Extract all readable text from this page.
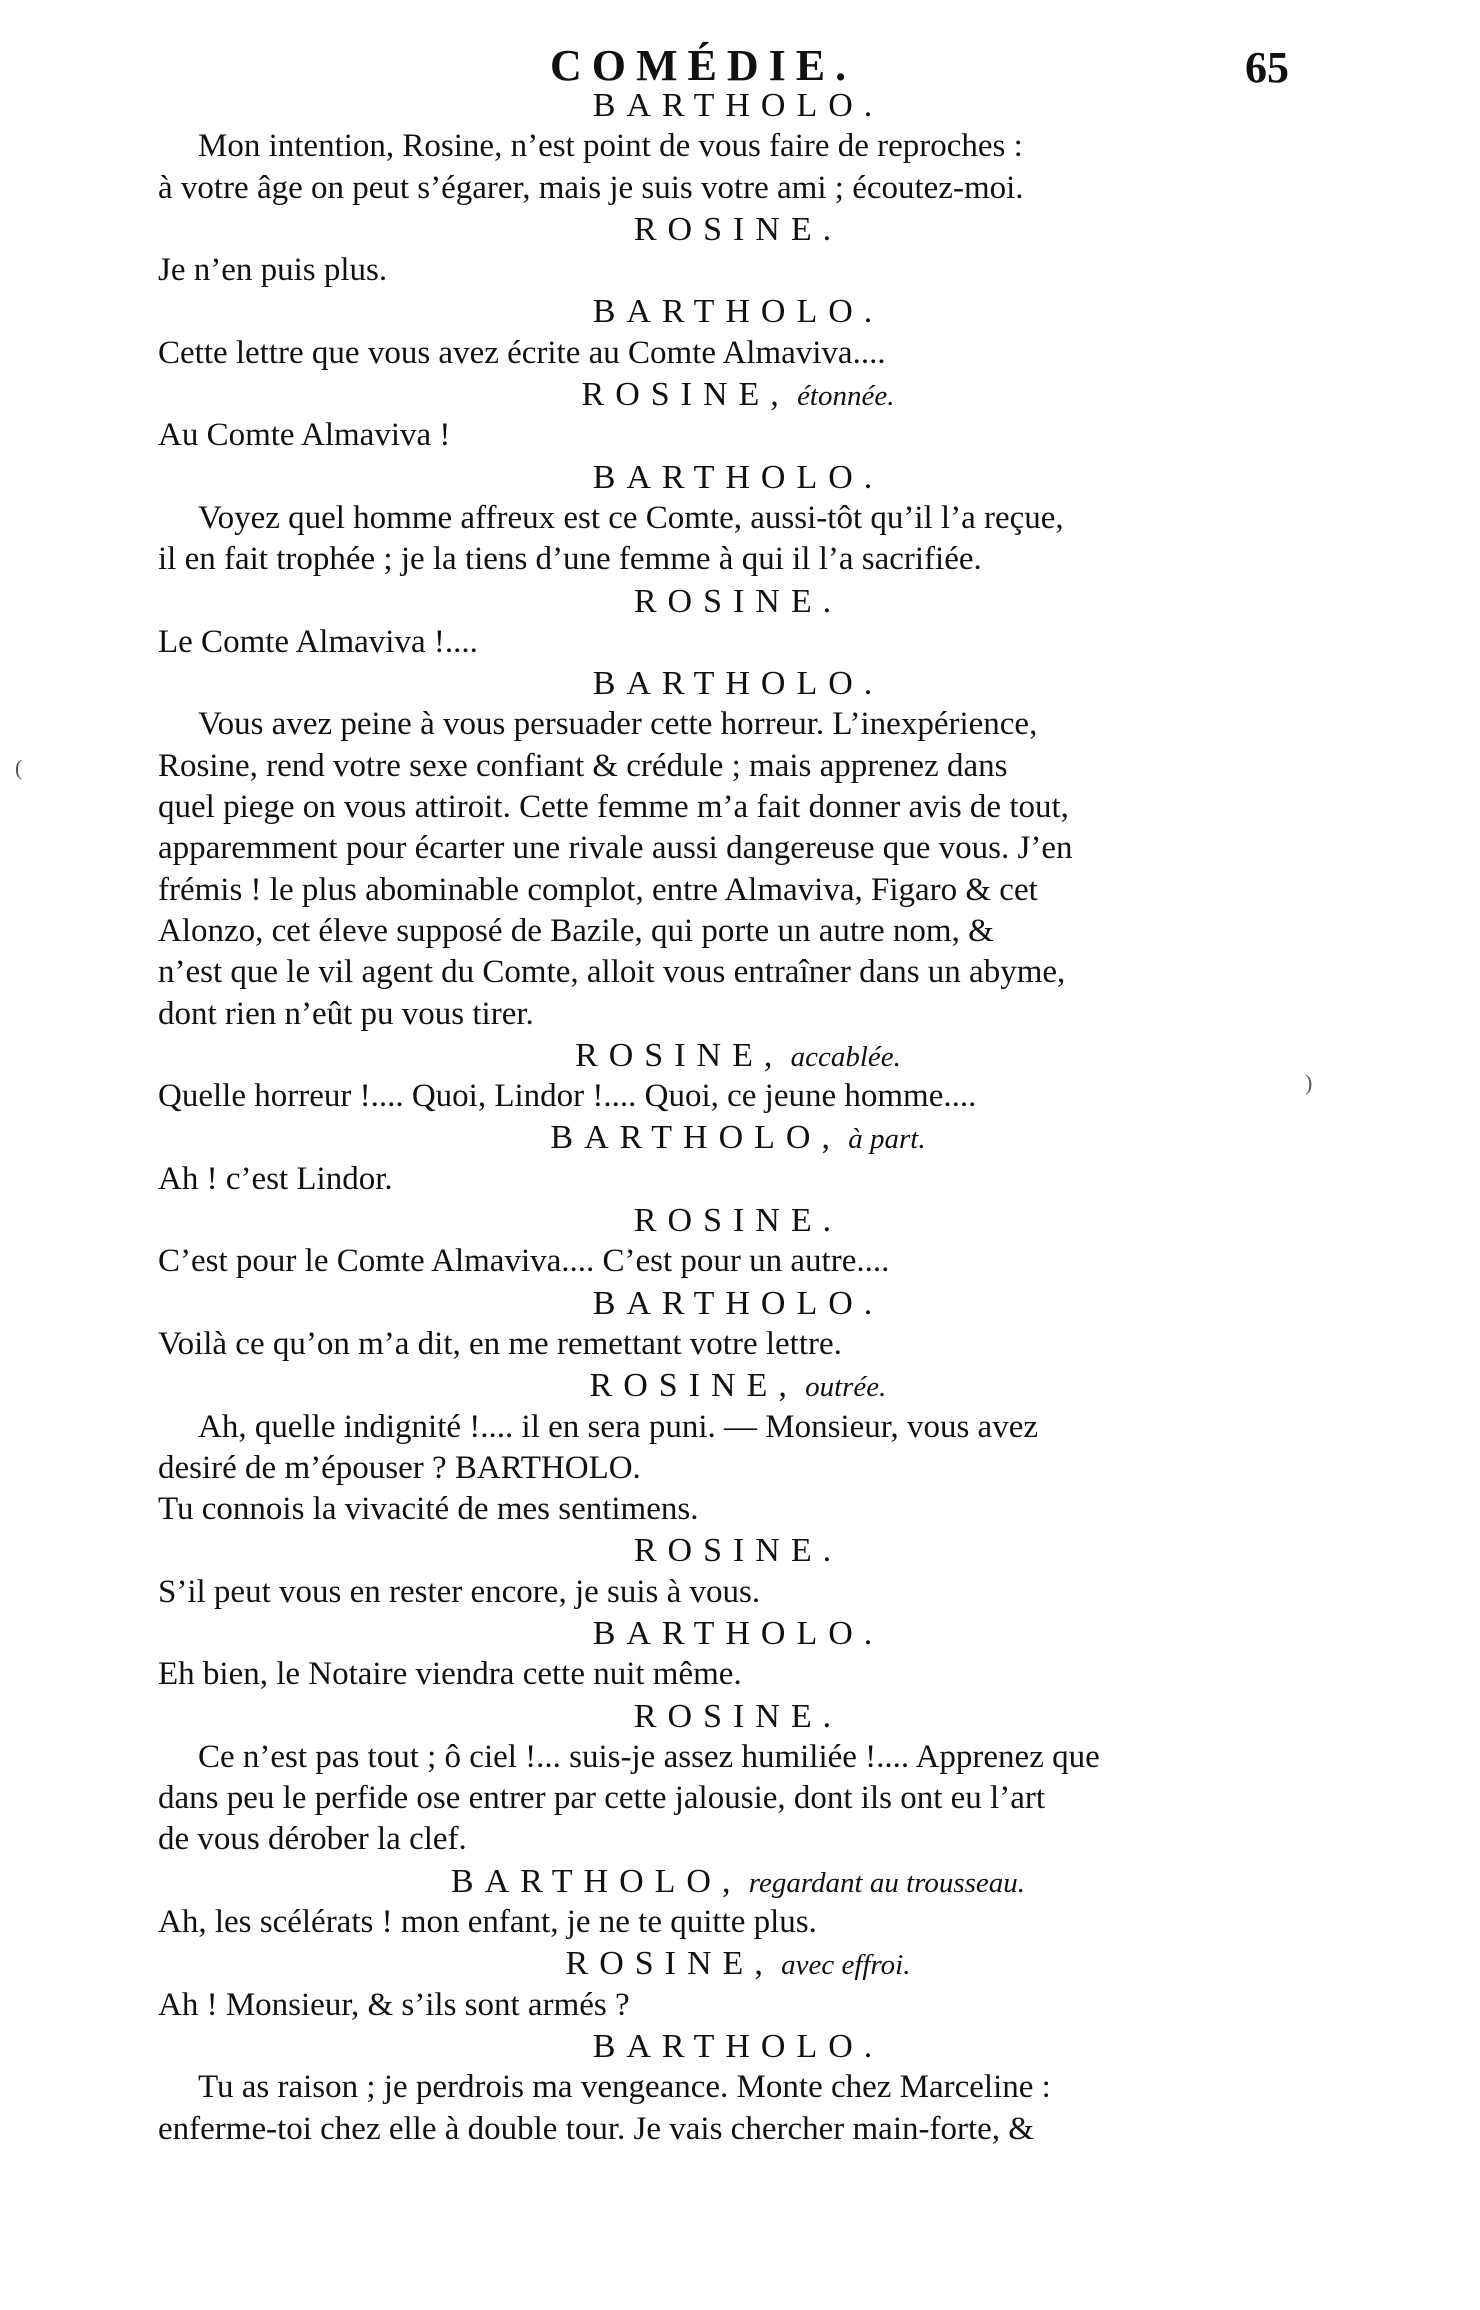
COMÉDIE.	65
BARTHOLO.
Mon intention, Rosine, n’est point de vous faire de reproches :
à votre âge on peut s’égarer, mais je suis votre ami ; écoutez-moi.
ROSINE.
Je n’en puis plus.
BARTHOLO.
Cette lettre que vous avez écrite au Comte Almaviva....
ROSINE, étonnée.
Au Comte Almaviva !
BARTHOLO.
Voyez quel homme affreux est ce Comte, aussi-tôt qu’il l’a reçue,
il en fait trophée ; je la tiens d’une femme à qui il l’a sacrifiée.
ROSINE.
Le Comte Almaviva !....
BARTHOLO.
Vous avez peine à vous persuader cette horreur. L’inexpérience,
Rosine, rend votre sexe confiant & crédule ; mais apprenez dans
quel piege on vous attiroit. Cette femme m’a fait donner avis de tout,
apparemment pour écarter une rivale aussi dangereuse que vous. J’en
frémis ! le plus abominable complot, entre Almaviva, Figaro & cet
Alonzo, cet éleve supposé de Bazile, qui porte un autre nom, &
n’est que le vil agent du Comte, alloit vous entraîner dans un abyme,
dont rien n’eût pu vous tirer.
ROSINE, accablée.
Quelle horreur !.... Quoi, Lindor !.... Quoi, ce jeune homme....
BARTHOLO, à part.
Ah ! c’est Lindor.
ROSINE.
C’est pour le Comte Almaviva.... C’est pour un autre....
BARTHOLO.
Voilà ce qu’on m’a dit, en me remettant votre lettre.
ROSINE, outrée.
Ah, quelle indignité !.... il en sera puni. — Monsieur, vous avez
desiré de m’épouser ? BARTHOLO.
Tu connois la vivacité de mes sentimens.
ROSINE.
S’il peut vous en rester encore, je suis à vous.
BARTHOLO.
Eh bien, le Notaire viendra cette nuit même.
ROSINE.
Ce n’est pas tout ; ô ciel !... suis-je assez humiliée !.... Apprenez que
dans peu le perfide ose entrer par cette jalousie, dont ils ont eu l’art
de vous dérober la clef.
BARTHOLO, regardant au trousseau.
Ah, les scélérats ! mon enfant, je ne te quitte plus.
ROSINE, avec effroi.
Ah ! Monsieur, & s’ils sont armés ?
BARTHOLO.
Tu as raison ; je perdrois ma vengeance. Monte chez Marceline :
enferme-toi chez elle à double tour. Je vais chercher main-forte, &
(
)
